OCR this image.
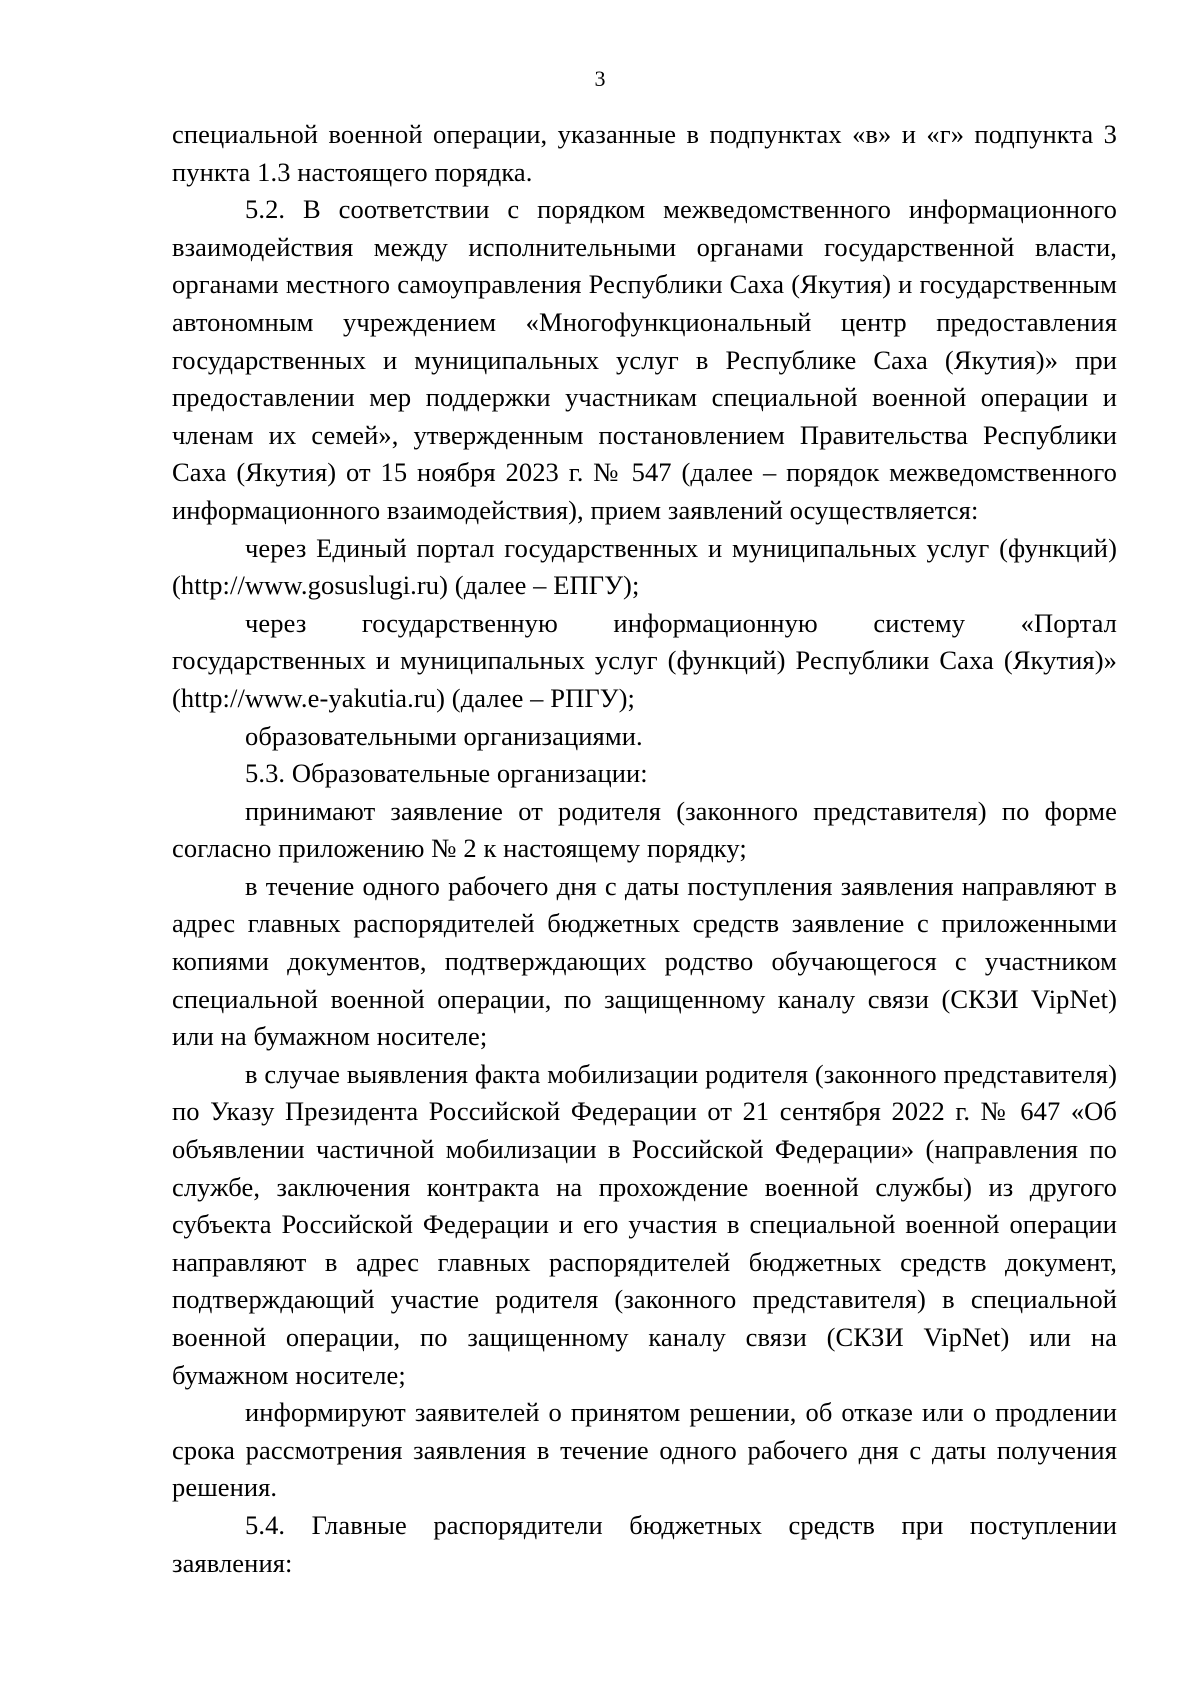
3

специальной военной операции, указанные в подпунктах «в» и «г» подпункта 3 пункта 1.3 настоящего порядка.

5.2. В соответствии с порядком межведомственного информационного взаимодействия между исполнительными органами государственной власти, органами местного самоуправления Республики Саха (Якутия) и государственным автономным учреждением «Многофункциональный центр предоставления государственных и муниципальных услуг в Республике Саха (Якутия)» при предоставлении мер поддержки участникам специальной военной операции и членам их семей», утвержденным постановлением Правительства Республики Саха (Якутия) от 15 ноября 2023 г. № 547 (далее – порядок межведомственного информационного взаимодействия), прием заявлений осуществляется:

через Единый портал государственных и муниципальных услуг (функций) (http://www.gosuslugi.ru) (далее – ЕПГУ);

через государственную информационную систему «Портал государственных и муниципальных услуг (функций) Республики Саха (Якутия)» (http://www.e-yakutia.ru) (далее – РПГУ);

образовательными организациями.

5.3. Образовательные организации:

принимают заявление от родителя (законного представителя) по форме согласно приложению № 2 к настоящему порядку;

в течение одного рабочего дня с даты поступления заявления направляют в адрес главных распорядителей бюджетных средств заявление с приложенными копиями документов, подтверждающих родство обучающегося с участником специальной военной операции, по защищенному каналу связи (СКЗИ VipNet) или на бумажном носителе;

в случае выявления факта мобилизации родителя (законного представителя) по Указу Президента Российской Федерации от 21 сентября 2022 г. № 647 «Об объявлении частичной мобилизации в Российской Федерации» (направления по службе, заключения контракта на прохождение военной службы) из другого субъекта Российской Федерации и его участия в специальной военной операции направляют в адрес главных распорядителей бюджетных средств документ, подтверждающий участие родителя (законного представителя) в специальной военной операции, по защищенному каналу связи (СКЗИ VipNet) или на бумажном носителе;

информируют заявителей о принятом решении, об отказе или о продлении срока рассмотрения заявления в течение одного рабочего дня с даты получения решения.

5.4. Главные распорядители бюджетных средств при поступлении заявления:
